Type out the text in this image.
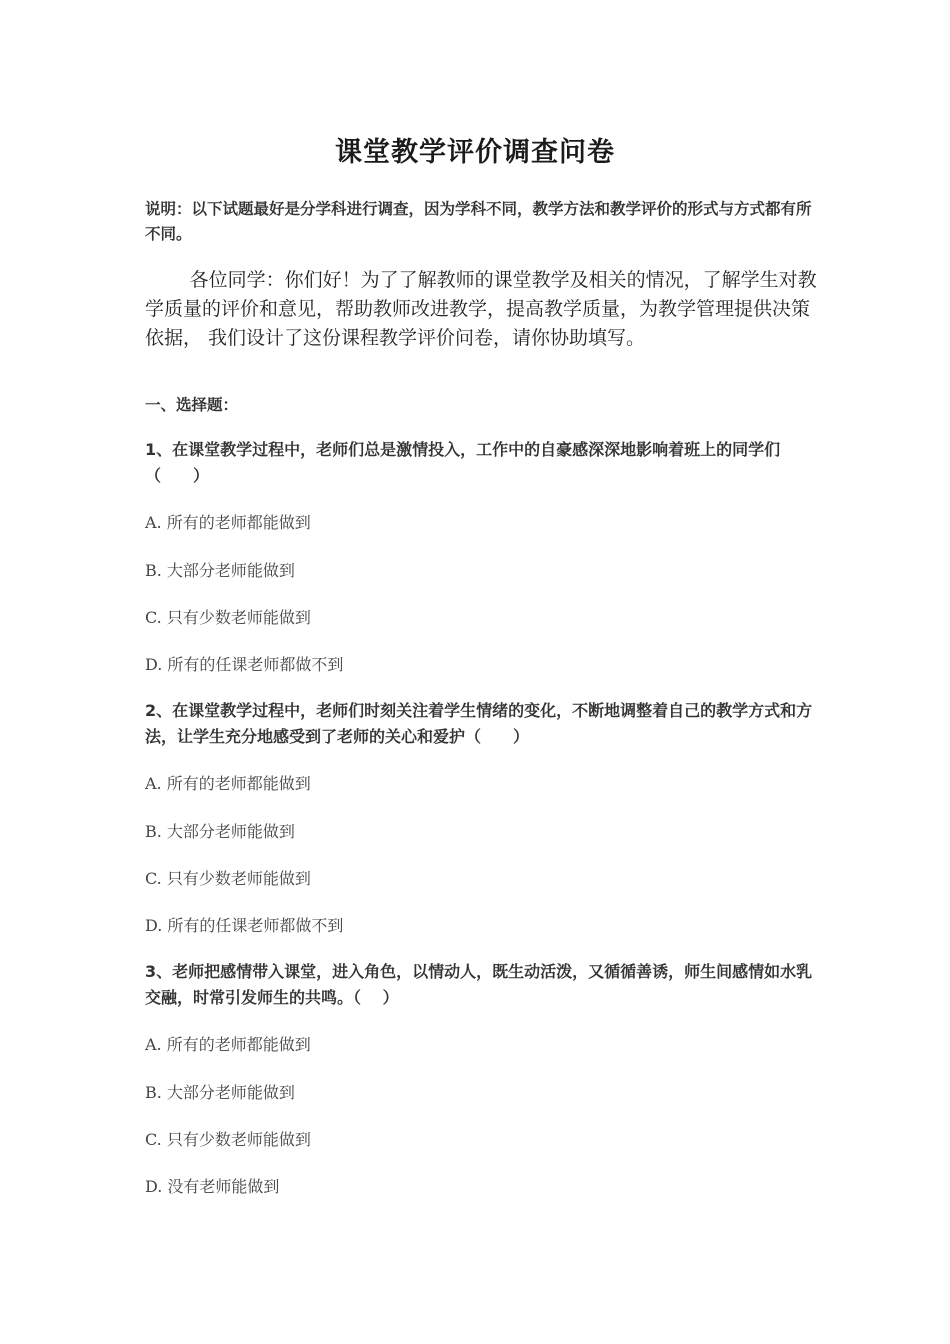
课堂教学评价调查问卷
说明：以下试题最好是分学科进行调查，因为学科不同，教学方法和教学评价的形式与方式都有所不同。
各位同学：你们好！为了了解教师的课堂教学及相关的情况，了解学生对教学质量的评价和意见，帮助教师改进教学，提高教学质量，为教学管理提供决策依据， 我们设计了这份课程教学评价问卷，请你协助填写。
一、选择题：
1、在课堂教学过程中，老师们总是激情投入，工作中的自豪感深深地影响着班上的同学们（　　）
A. 所有的老师都能做到
B. 大部分老师能做到
C. 只有少数老师能做到
D. 所有的任课老师都做不到
2、在课堂教学过程中，老师们时刻关注着学生情绪的变化，不断地调整着自己的教学方式和方法，让学生充分地感受到了老师的关心和爱护（　　）
A. 所有的老师都能做到
B. 大部分老师能做到
C. 只有少数老师能做到
D. 所有的任课老师都做不到
3、老师把感情带入课堂，进入角色，以情动人，既生动活泼，又循循善诱，师生间感情如水乳交融，时常引发师生的共鸣。（　 ）
A. 所有的老师都能做到
B. 大部分老师能做到
C. 只有少数老师能做到
D. 没有老师能做到
